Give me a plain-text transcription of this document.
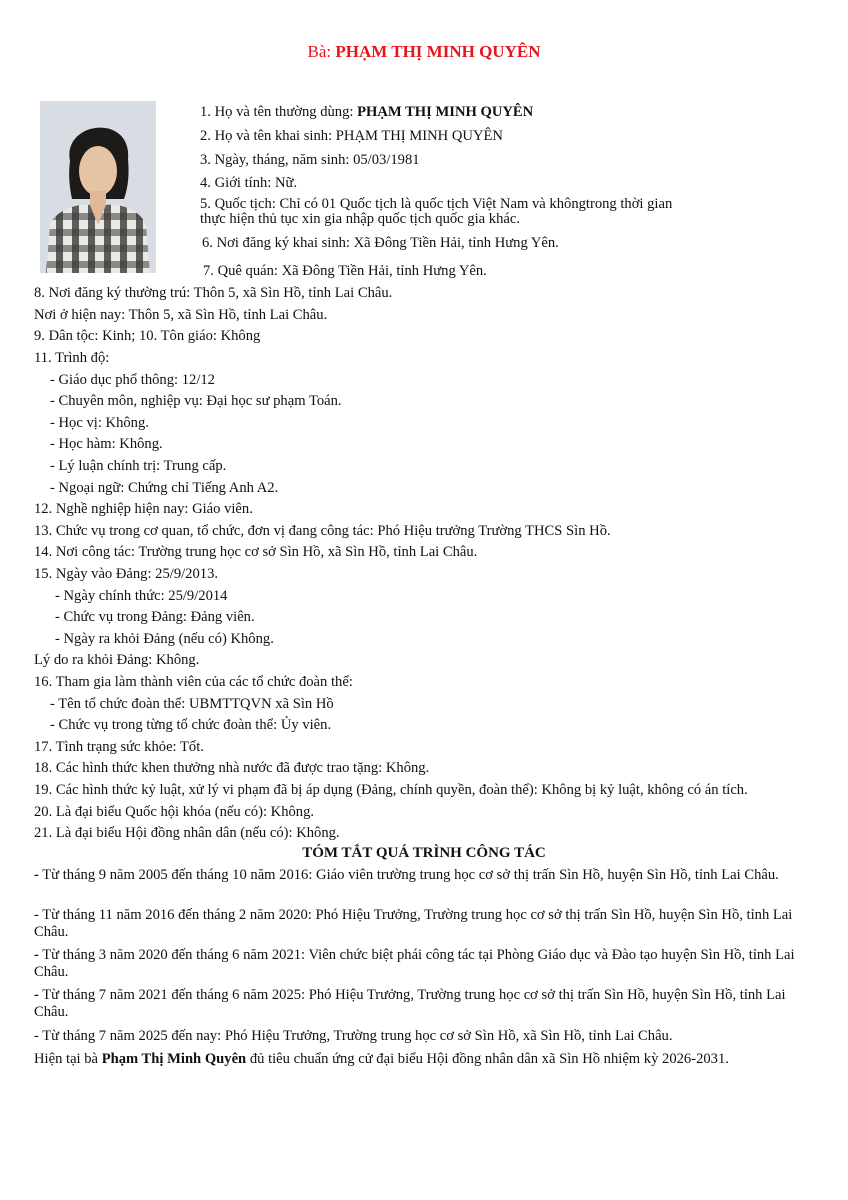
Bà: PHẠM THỊ MINH QUYÊN
1. Họ và tên thường dùng: PHẠM THỊ MINH QUYÊN
2. Họ và tên khai sinh: PHẠM THỊ MINH QUYÊN
3. Ngày, tháng, năm sinh: 05/03/1981
4. Giới tính: Nữ.
5. Quốc tịch: Chỉ có 01 Quốc tịch là quốc tịch Việt Nam và khôngtrong thời gian
thực hiện thủ tục xin gia nhập quốc tịch quốc gia khác.
6. Nơi đăng ký khai sinh: Xã Đông Tiền Hải, tỉnh Hưng Yên.
7. Quê quán: Xã Đông Tiền Hải, tỉnh Hưng Yên.
8. Nơi đăng ký thường trú: Thôn 5, xã Sìn Hồ, tỉnh Lai Châu.
Nơi ở hiện nay: Thôn 5, xã Sìn Hồ, tỉnh Lai Châu.
9. Dân tộc: Kinh; 10. Tôn giáo: Không
11. Trình độ:
- Giáo dục phổ thông: 12/12
- Chuyên môn, nghiệp vụ: Đại học sư phạm Toán.
- Học vị: Không.
- Học hàm: Không.
- Lý luận chính trị: Trung cấp.
- Ngoại ngữ: Chứng chỉ Tiếng Anh A2.
12. Nghề nghiệp hiện nay: Giáo viên.
13. Chức vụ trong cơ quan, tổ chức, đơn vị đang công tác: Phó Hiệu trưởng Trường THCS Sìn Hồ.
14. Nơi công tác: Trường trung học cơ sở Sìn Hồ, xã Sìn Hồ, tỉnh Lai Châu.
15. Ngày vào Đảng: 25/9/2013.
- Ngày chính thức: 25/9/2014
- Chức vụ trong Đảng: Đảng viên.
- Ngày ra khỏi Đảng (nếu có) Không.
Lý do ra khỏi Đảng: Không.
16. Tham gia làm thành viên của các tổ chức đoàn thể:
- Tên tổ chức đoàn thể: UBMTTQVN xã Sìn Hồ
- Chức vụ trong từng tổ chức đoàn thể: Ủy viên.
17. Tình trạng sức khỏe: Tốt.
18. Các hình thức khen thưởng nhà nước đã được trao tặng: Không.
19. Các hình thức kỷ luật, xử lý vi phạm đã bị áp dụng (Đảng, chính quyền, đoàn thể): Không bị kỷ luật, không có án tích.
20. Là đại biểu Quốc hội khóa (nếu có): Không.
21. Là đại biểu Hội đồng nhân dân (nếu có): Không.
TÓM TẮT QUÁ TRÌNH CÔNG TÁC
- Từ tháng 9 năm 2005 đến tháng 10 năm 2016: Giáo viên trường trung học cơ sở thị trấn Sìn Hồ, huyện Sìn Hồ, tỉnh Lai Châu.
- Từ tháng 11 năm 2016 đến tháng 2 năm 2020: Phó Hiệu Trưởng, Trường trung học cơ sở thị trấn Sìn Hồ, huyện Sìn Hồ, tỉnh Lai Châu.
- Từ tháng 3 năm 2020 đến tháng 6 năm 2021: Viên chức biệt phái công tác tại Phòng Giáo dục và Đào tạo huyện Sìn Hồ, tỉnh Lai Châu.
- Từ tháng 7 năm 2021 đến tháng 6 năm 2025: Phó Hiệu Trưởng, Trường trung học cơ sở thị trấn Sìn Hồ, huyện Sìn Hồ, tỉnh Lai Châu.
- Từ tháng 7 năm 2025 đến nay: Phó Hiệu Trưởng, Trường trung học cơ sở Sìn Hồ, xã Sìn Hồ, tỉnh Lai Châu.
Hiện tại bà Phạm Thị Minh Quyên đủ tiêu chuẩn ứng cử đại biểu Hội đồng nhân dân xã Sìn Hồ nhiệm kỳ 2026-2031.
